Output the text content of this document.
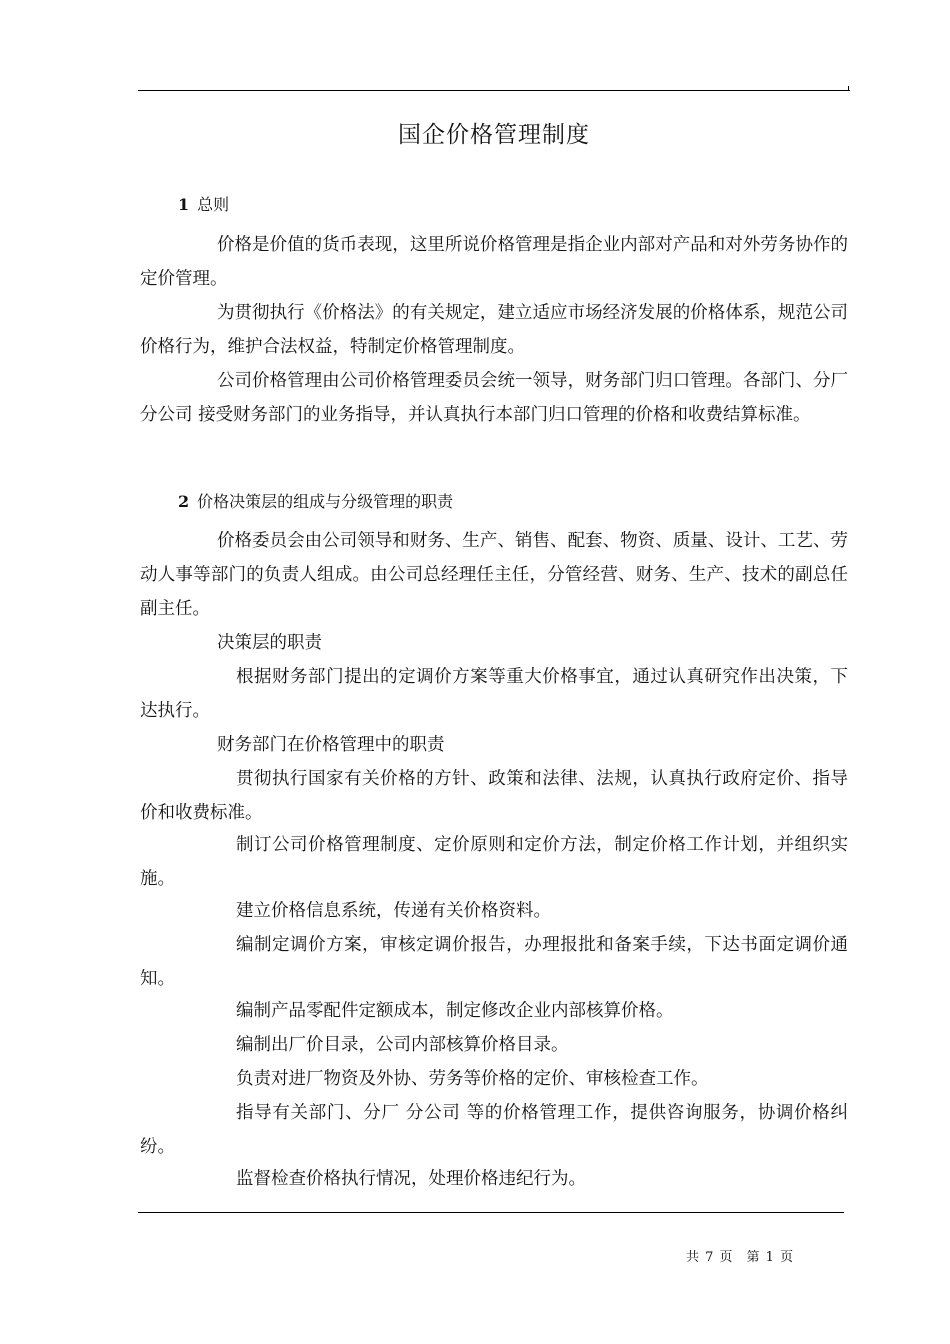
国企价格管理制度
1 总则

价格是价值的货币表现，这里所说价格管理是指企业内部对产品和对外劳务协作的定价管理。

为贯彻执行《价格法》的有关规定，建立适应市场经济发展的价格体系，规范公司价格行为，维护合法权益，特制定价格管理制度。

公司价格管理由公司价格管理委员会统一领导，财务部门归口管理。各部门、分厂 分公司 接受财务部门的业务指导，并认真执行本部门归口管理的价格和收费结算标准。

2 价格决策层的组成与分级管理的职责

价格委员会由公司领导和财务、生产、销售、配套、物资、质量、设计、工艺、劳动人事等部门的负责人组成。由公司总经理任主任，分管经营、财务、生产、技术的副总任副主任。

决策层的职责

根据财务部门提出的定调价方案等重大价格事宜，通过认真研究作出决策，下达执行。

财务部门在价格管理中的职责

贯彻执行国家有关价格的方针、政策和法律、法规，认真执行政府定价、指导价和收费标准。

制订公司价格管理制度、定价原则和定价方法，制定价格工作计划，并组织实施。

建立价格信息系统，传递有关价格资料。

编制定调价方案，审核定调价报告，办理报批和备案手续，下达书面定调价通知。

编制产品零配件定额成本，制定修改企业内部核算价格。

编制出厂价目录，公司内部核算价格目录。

负责对进厂物资及外协、劳务等价格的定价、审核检查工作。

指导有关部门、分厂 分公司 等的价格管理工作，提供咨询服务，协调价格纠纷。

监督检查价格执行情况，处理价格违纪行为。

共 7 页 第 1 页
